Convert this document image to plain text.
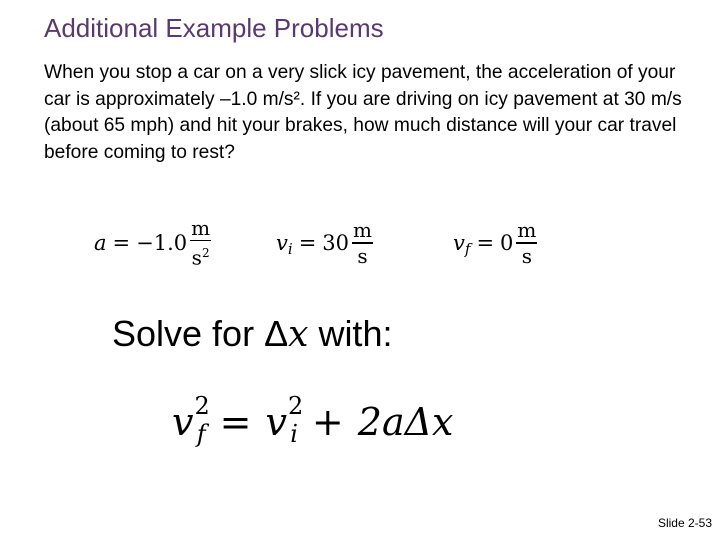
Additional Example Problems
When you stop a car on a very slick icy pavement, the acceleration of your car is approximately –1.0 m/s². If you are driving on icy pavement at 30 m/s (about 65 mph) and hit your brakes, how much distance will your car travel before coming to rest?
$a = -1.0 \frac{m}{s^2}$	v $i = 30 \frac{m}{s}$	v $f = 0 \frac{m}{s}$
Solve for Δx with:
v 2
f = v 2
i + 2aΔx
Slide 2-53
